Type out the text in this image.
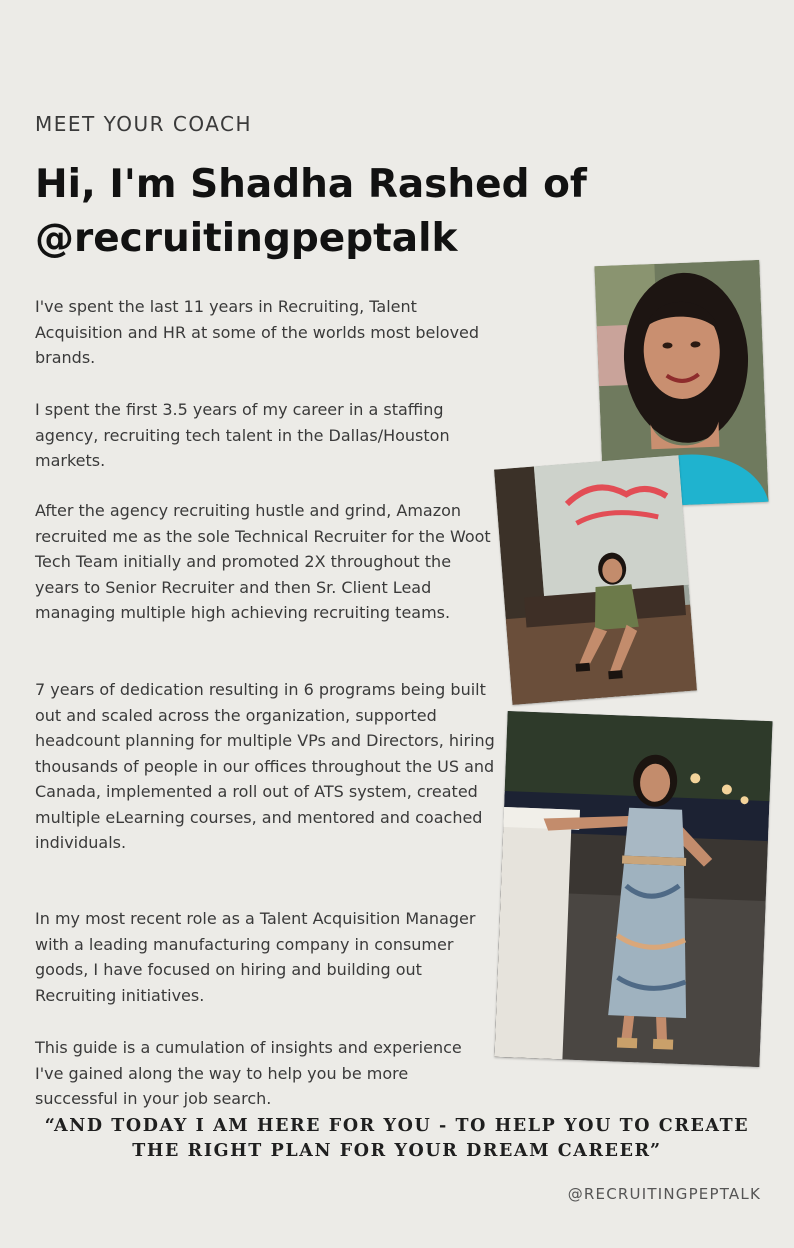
MEET YOUR COACH
Hi, I'm Shadha Rashed of @recruitingpeptalk
I've spent the last 11 years in Recruiting, Talent Acquisition and HR at some of the worlds most beloved brands.
I spent the first 3.5 years of my career in a staffing agency, recruiting tech talent in the Dallas/Houston markets.
After the agency recruiting hustle and grind, Amazon recruited me as the sole Technical Recruiter for the Woot Tech Team initially and promoted 2X throughout the years to Senior Recruiter and then Sr. Client Lead managing multiple high achieving recruiting teams.
7 years of dedication resulting in 6 programs being built out and scaled across the organization, supported headcount planning for multiple VPs and Directors, hiring thousands of people in our offices throughout the US and Canada, implemented a roll out of ATS system, created multiple eLearning courses, and mentored and coached individuals.
In my most recent role as a Talent Acquisition Manager with a leading manufacturing company in consumer goods, I have focused on hiring and building out Recruiting initiatives.
This guide is a cumulation of insights and experience I've gained along the way to help you be more successful in your job search.
“AND TODAY I AM HERE FOR YOU - TO HELP YOU TO CREATE THE RIGHT PLAN FOR YOUR DREAM CAREER”
@RECRUITINGPEPTALK
